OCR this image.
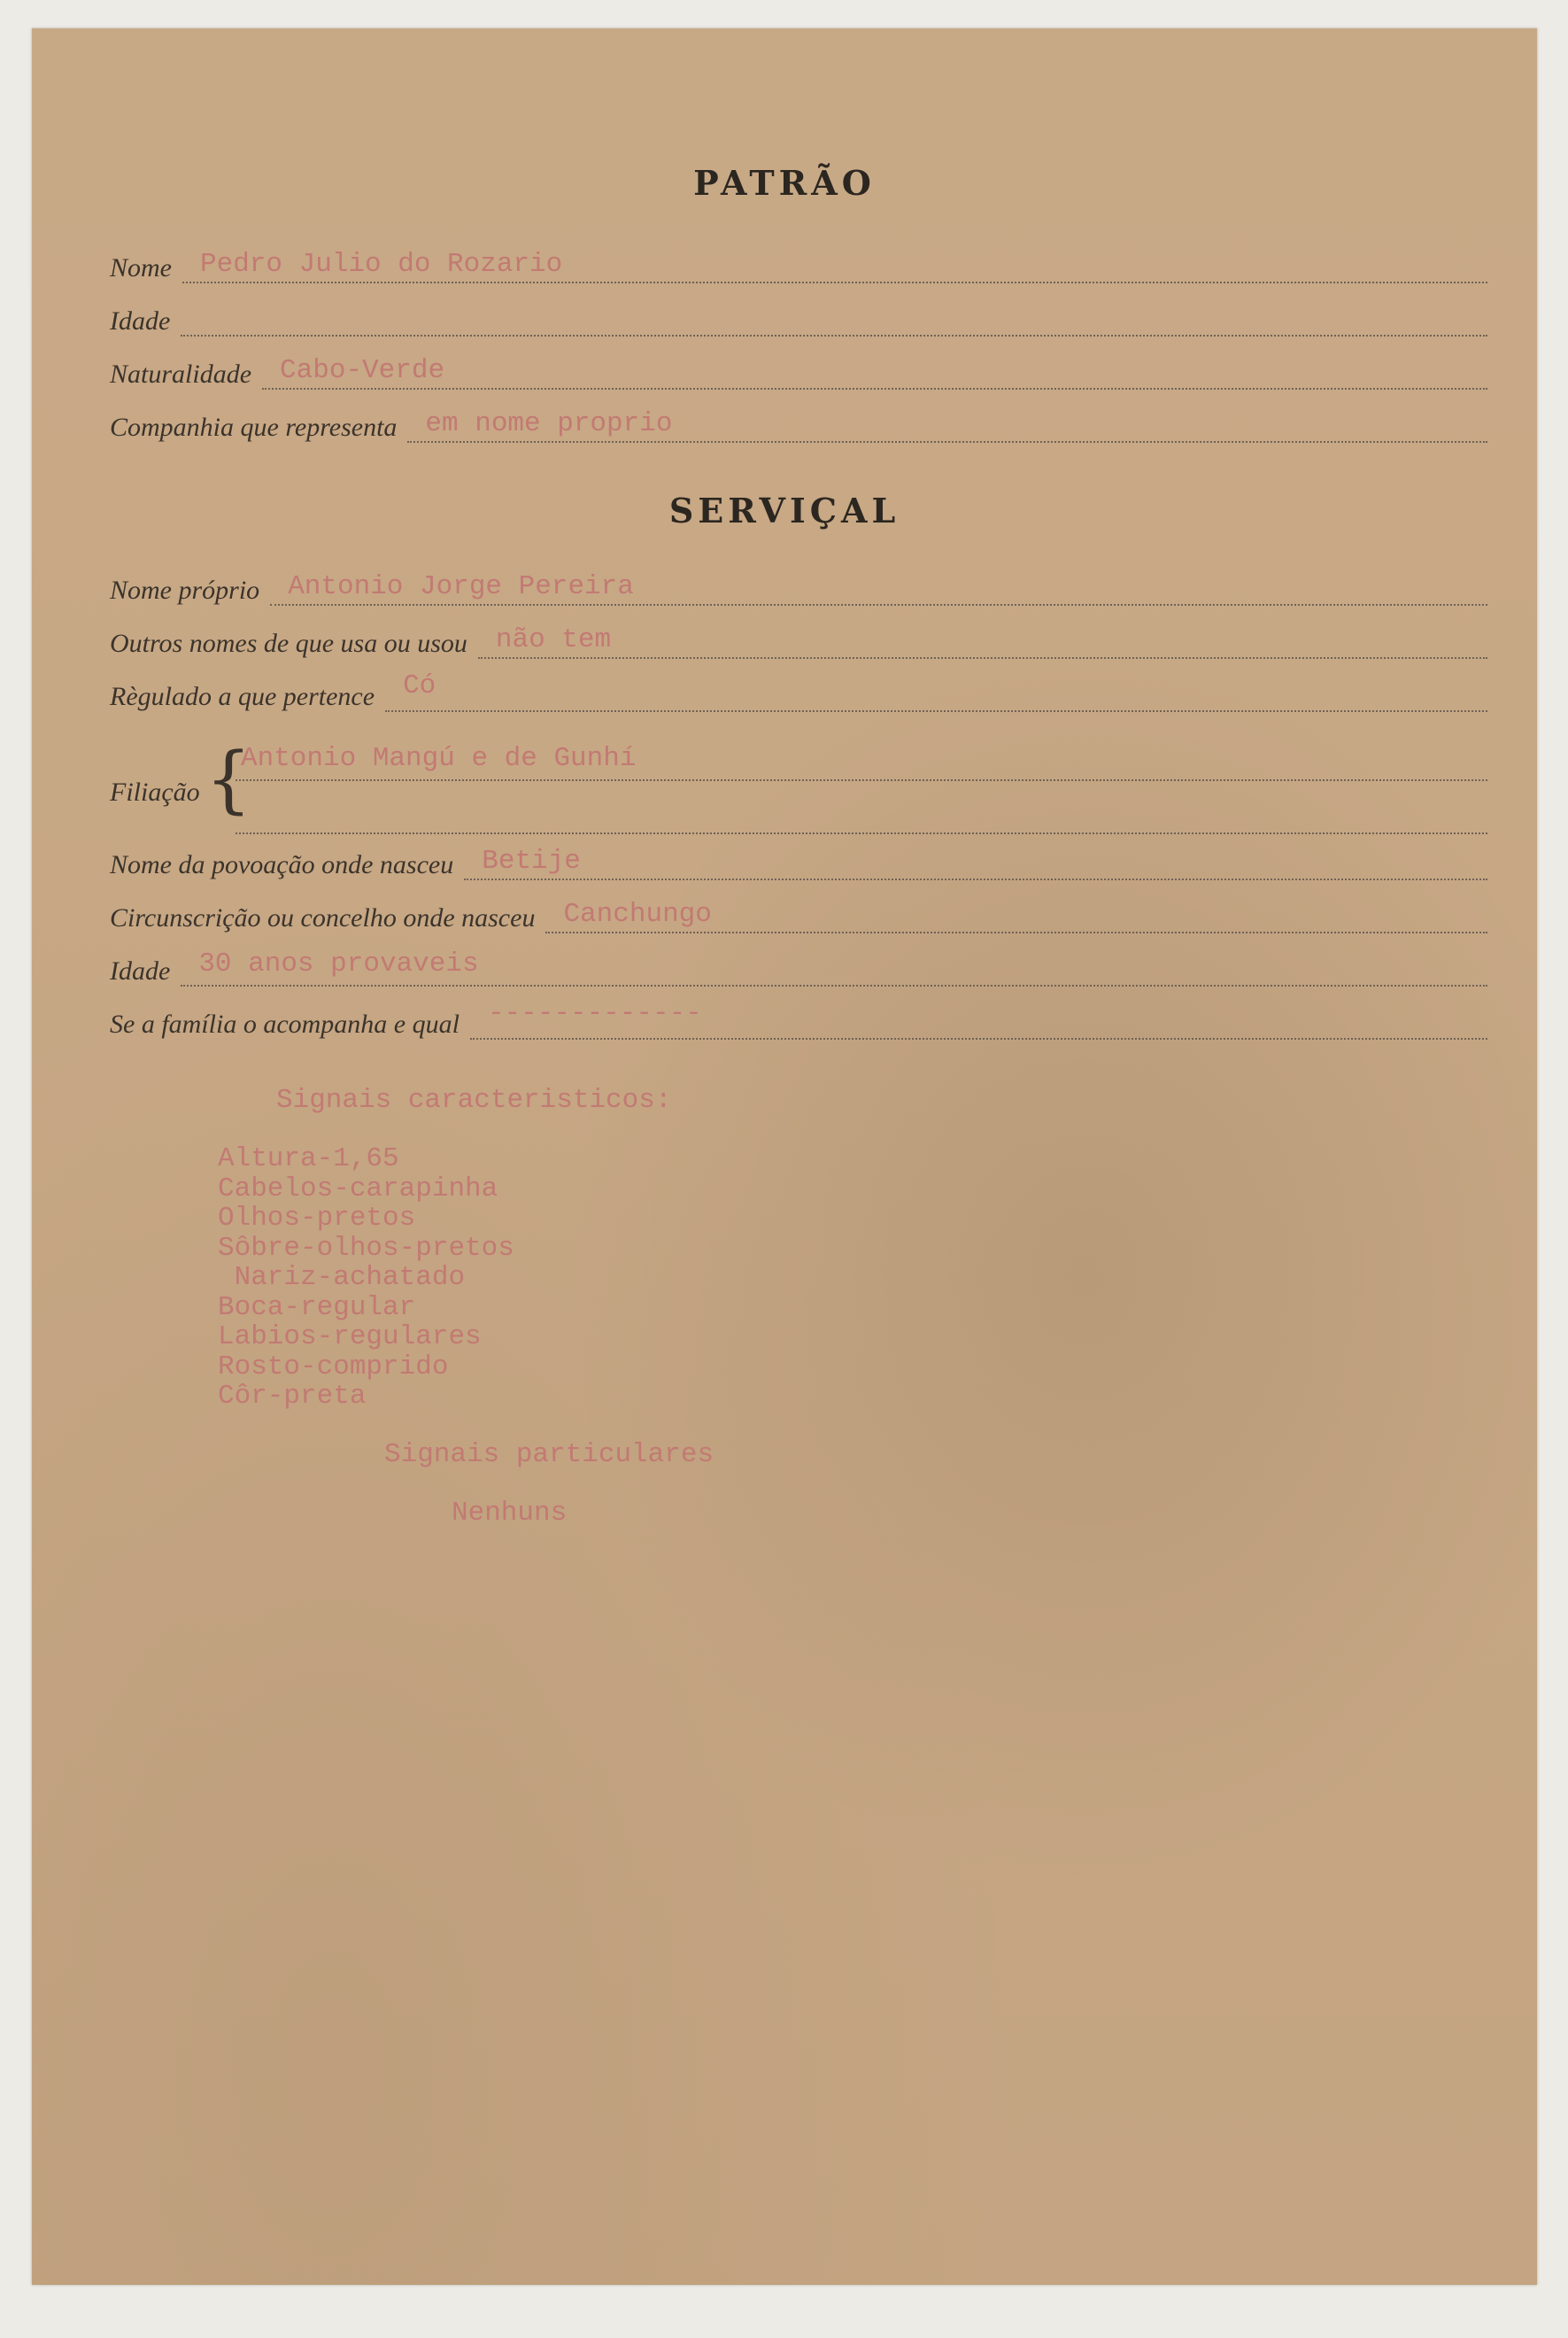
PATRÃO
Nome	Pedro Julio do Rozario
Idade
Naturalidade	Cabo-Verde
Companhia que representa	em nome proprio
SERVIÇAL
Nome próprio	Antonio Jorge Pereira
Outros nomes de que usa ou usou	não tem
Règulado a que pertence	Có
Filiação {
Antonio Mangú e de Gunhí
Nome da povoação onde nasceu	Betije
Circunscrição ou concelho onde nasceu	Canchungo
Idade	30 anos provaveis
Se a família o acompanha e qual	-------------
Signais caracteristicos:
Altura-1,65
Cabelos-carapinha
Olhos-pretos
Sôbre-olhos-pretos
Nariz-achatado
Boca-regular
Labios-regulares
Rosto-comprido
Côr-preta
Signais particulares
Nenhuns
